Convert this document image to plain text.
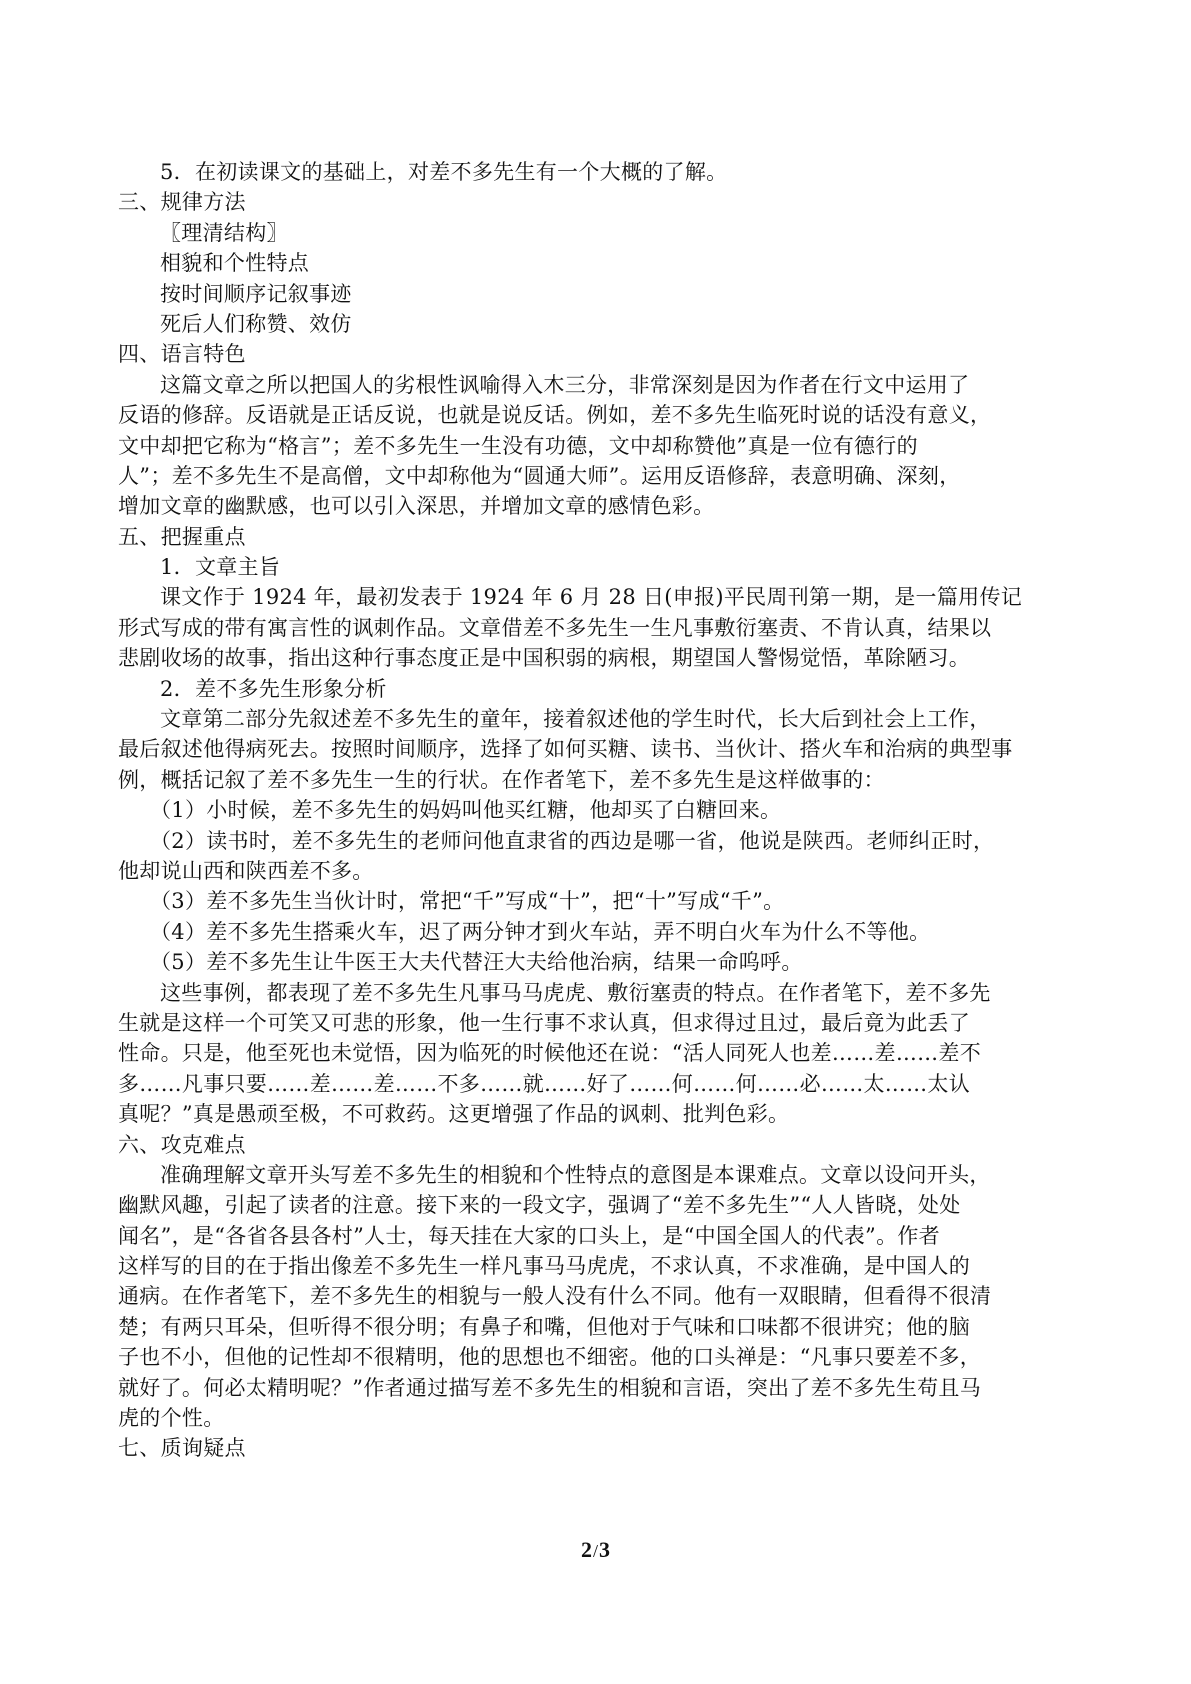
5．在初读课文的基础上，对差不多先生有一个大概的了解。
三、规律方法
〖理清结构〗
相貌和个性特点
按时间顺序记叙事迹
死后人们称赞、效仿
四、语言特色
这篇文章之所以把国人的劣根性讽喻得入木三分，非常深刻是因为作者在行文中运用了
反语的修辞。反语就是正话反说，也就是说反话。例如，差不多先生临死时说的话没有意义，
文中却把它称为“格言”；差不多先生一生没有功德，文中却称赞他”真是一位有德行的
人”；差不多先生不是高僧，文中却称他为“圆通大师”。运用反语修辞，表意明确、深刻，
增加文章的幽默感，也可以引入深思，并增加文章的感情色彩。
五、把握重点
1．文章主旨
课文作于 1924 年，最初发表于 1924 年 6 月 28 日(申报)平民周刊第一期，是一篇用传记
形式写成的带有寓言性的讽刺作品。文章借差不多先生一生凡事敷衍塞责、不肯认真，结果以
悲剧收场的故事，指出这种行事态度正是中国积弱的病根，期望国人警惕觉悟，革除陋习。
2．差不多先生形象分析
文章第二部分先叙述差不多先生的童年，接着叙述他的学生时代，长大后到社会上工作，
最后叙述他得病死去。按照时间顺序，选择了如何买糖、读书、当伙计、搭火车和治病的典型事
例，概括记叙了差不多先生一生的行状。在作者笔下，差不多先生是这样做事的：
（1）小时候，差不多先生的妈妈叫他买红糖，他却买了白糖回来。
（2）读书时，差不多先生的老师问他直隶省的西边是哪一省，他说是陕西。老师纠正时，
他却说山西和陕西差不多。
（3）差不多先生当伙计时，常把“千”写成“十”，把“十”写成“千”。
（4）差不多先生搭乘火车，迟了两分钟才到火车站，弄不明白火车为什么不等他。
（5）差不多先生让牛医王大夫代替汪大夫给他治病，结果一命呜呼。
这些事例，都表现了差不多先生凡事马马虎虎、敷衍塞责的特点。在作者笔下，差不多先
生就是这样一个可笑又可悲的形象，他一生行事不求认真，但求得过且过，最后竟为此丢了
性命。只是，他至死也未觉悟，因为临死的时候他还在说：“活人同死人也差……差……差不
多……凡事只要……差……差……不多……就……好了……何……何……必……太……太认
真呢？”真是愚顽至极，不可救药。这更增强了作品的讽刺、批判色彩。
六、攻克难点
准确理解文章开头写差不多先生的相貌和个性特点的意图是本课难点。文章以设问开头，
幽默风趣，引起了读者的注意。接下来的一段文字，强调了“差不多先生”“人人皆晓，处处
闻名”，是“各省各县各村”人士，每天挂在大家的口头上，是“中国全国人的代表”。作者
这样写的目的在于指出像差不多先生一样凡事马马虎虎，不求认真，不求准确，是中国人的
通病。在作者笔下，差不多先生的相貌与一般人没有什么不同。他有一双眼睛，但看得不很清
楚；有两只耳朵，但听得不很分明；有鼻子和嘴，但他对于气味和口味都不很讲究；他的脑
子也不小，但他的记性却不很精明，他的思想也不细密。他的口头禅是：“凡事只要差不多，
就好了。何必太精明呢？”作者通过描写差不多先生的相貌和言语，突出了差不多先生苟且马
虎的个性。
七、质询疑点
2/3
